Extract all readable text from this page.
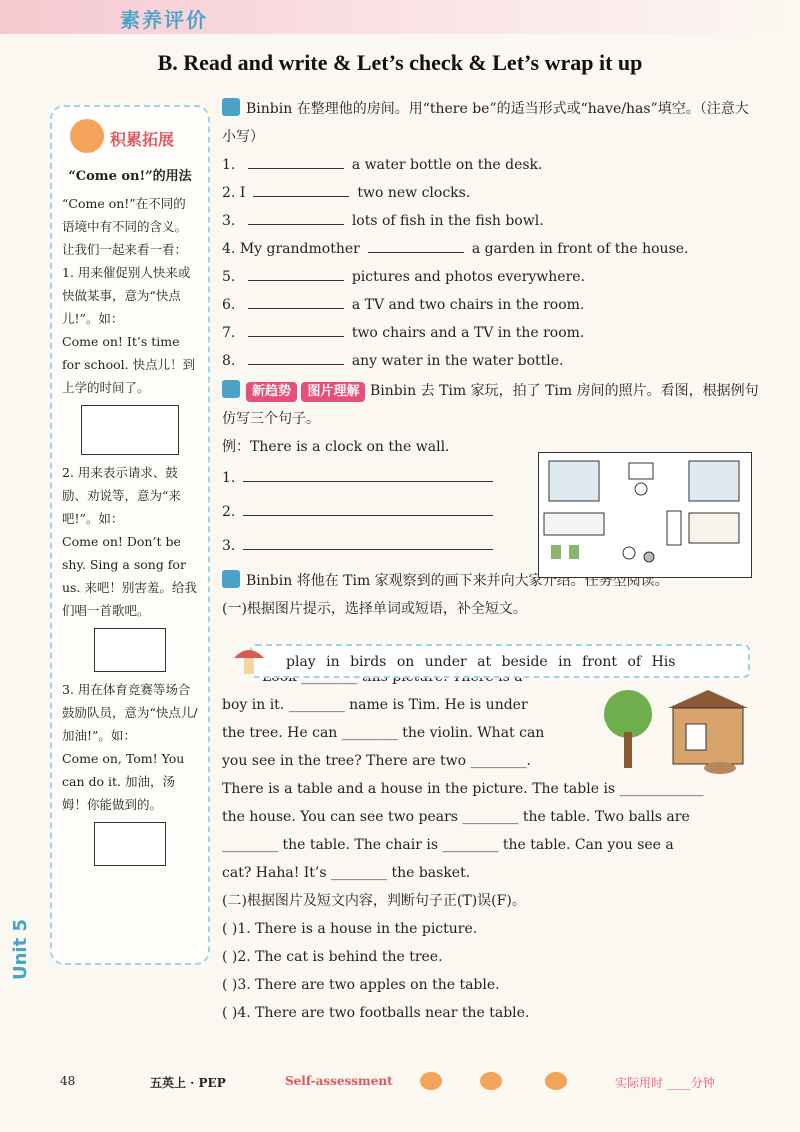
素养评价
B. Read and write & Let’s check & Let’s wrap it up
积累拓展
“Come on!”的用法

“Come on!”在不同的语境中有不同的含义。让我们一起来看一看：

1. 用来催促别人快来或快做某事，意为“快点儿!”。如：

Come on! It’s time for school. 快点儿！到上学的时间了。

2. 用来表示请求、鼓励、劝说等，意为“来吧!”。如：

Come on! Don’t be shy. Sing a song for us. 来吧！别害羞。给我们唱一首歌吧。

3. 用在体育竞赛等场合鼓励队员，意为“快点儿/加油!”。如：

Come on, Tom! You can do it. 加油，汤姆！你能做到的。

Unit 5

Binbin 在整理他的房间。用“there be”的适当形式或“have/has”填空。（注意大小写）

1.	a water bottle on the desk.

2. I	two new clocks.

3.	lots of fish in the fish bowl.

4. My grandmother	a garden in front of the house.

5.	pictures and photos everywhere.

6.	a TV and two chairs in the room.

7.	two chairs and a TV in the room.

8.	any water in the water bottle.

新趋势 图片理解 Binbin 去 Tim 家玩，拍了 Tim 房间的照片。看图，根据例句仿写三个句子。

例：There is a clock on the wall.

1.

2.

3.

Binbin 将他在 Tim 家观察到的画下来并向大家介绍。任务型阅读。

(一)根据图片提示，选择单词或短语，补全短文。

boy in it. ________ name is Tim. He is under

the tree. He can ________ the violin. What can

you see in the tree? There are two ________.

There is a table and a house in the picture. The table is ____________

the house. You can see two pears ________ the table. Two balls are

________ the table. The chair is ________ the table. Can you see a

cat? Haha! It’s ________ the basket.

(二)根据图片及短文内容，判断句子正(T)误(F)。

( )1. There is a house in the picture.

( )2. The cat is behind the tree.

( )3. There are two apples on the table.

( )4. There are two footballs near the table.

play in birds on under at beside in front of His
48	五英上 · PEP	Self-assessment	实际用时 ____分钟
